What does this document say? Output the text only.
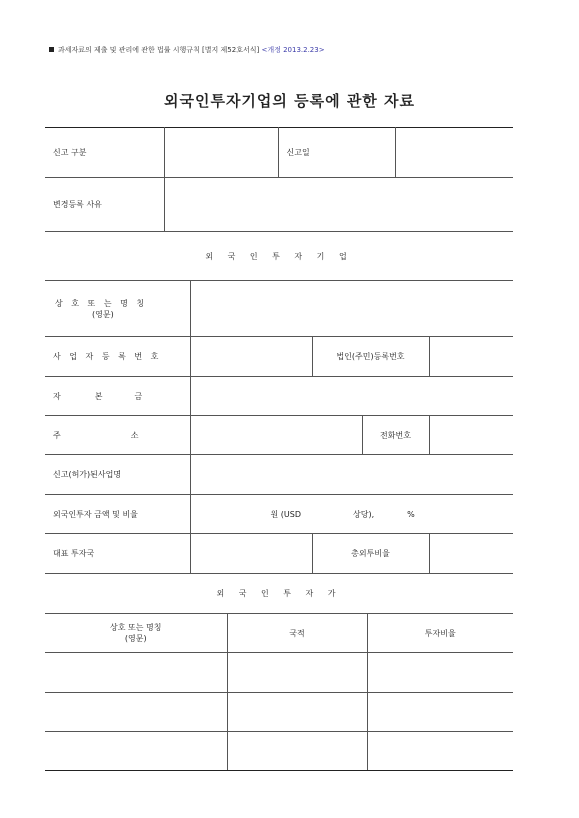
과세자료의 제출 및 관리에 관한 법률 시행규칙 [별지 제52호서식] <개정 2013.2.23>
외국인투자기업의 등록에 관한 자료
신고 구분		신고일	
변경등록 사유			
외 국 인 투 자 기 업				

상 호 또 는 명 칭
(영문)				

사 업 자 등 록 번 호		법인(주민)등록번호		
자 본 금				
주 소			전화번호	
신고(허가)된사업명				
외국인투자 금액 및 비율	원 (USD 상당), %			
대표 투자국		총외투비율		
외 국 인 투 자 가		

상호 또는 명칭
(영문)	국적	투자비율
